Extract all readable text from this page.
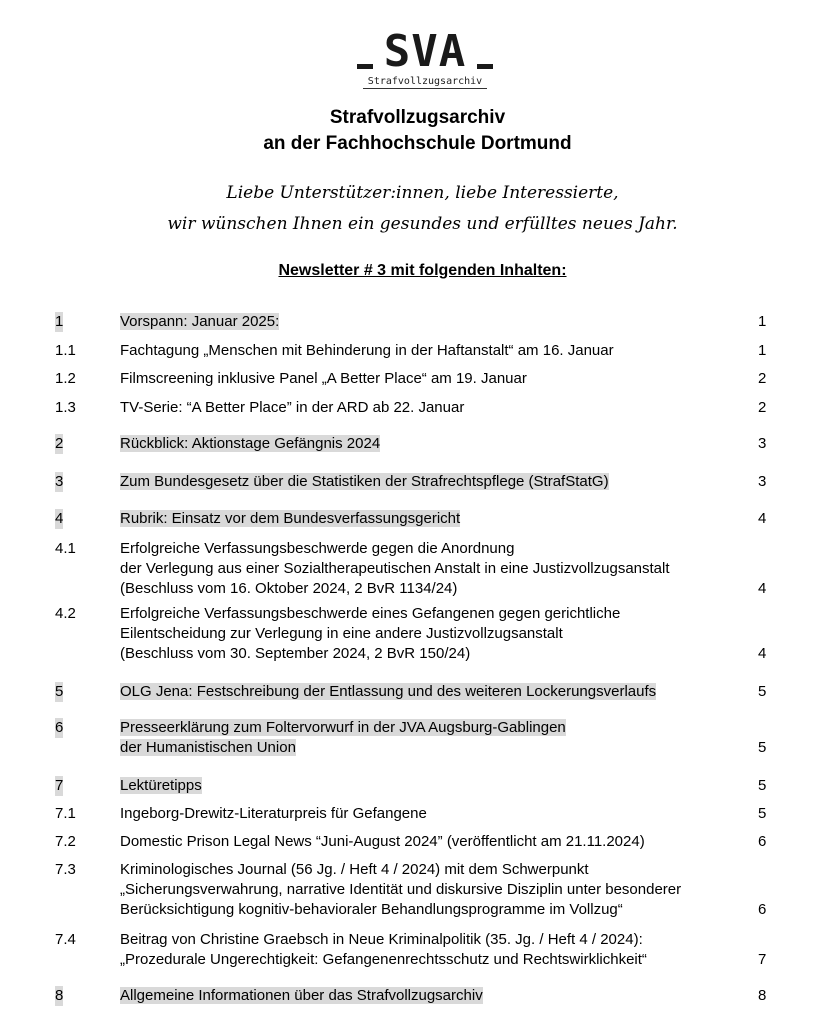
SVA
Strafvollzugsarchiv
Strafvollzugsarchiv
an der Fachhochschule Dortmund
Liebe Unterstützer:innen, liebe Interessierte,
wir wünschen Ihnen ein gesundes und erfülltes neues Jahr.
Newsletter # 3 mit folgenden Inhalten:
1	Vorspann: Januar 2025:	1
1.1	Fachtagung „Menschen mit Behinderung in der Haftanstalt“ am 16. Januar	1
1.2	Filmscreening inklusive Panel „A Better Place“ am 19. Januar	2
1.3	TV-Serie: “A Better Place” in der ARD ab 22. Januar	2
2	Rückblick: Aktionstage Gefängnis 2024	3
3	Zum Bundesgesetz über die Statistiken der Strafrechtspflege (StrafStatG)	3
4	Rubrik: Einsatz vor dem Bundesverfassungsgericht	4
4.1	Erfolgreiche Verfassungsbeschwerde gegen die Anordnung
der Verlegung aus einer Sozialtherapeutischen Anstalt in eine Justizvollzugsanstalt
(Beschluss vom 16. Oktober 2024, 2 BvR 1134/24)	4
4.2	Erfolgreiche Verfassungsbeschwerde eines Gefangenen gegen gerichtliche
Eilentscheidung zur Verlegung in eine andere Justizvollzugsanstalt
(Beschluss vom 30. September 2024, 2 BvR 150/24)	4
5	OLG Jena: Festschreibung der Entlassung und des weiteren Lockerungsverlaufs	5
6	Presseerklärung zum Foltervorwurf in der JVA Augsburg-Gablingen
der Humanistischen Union	5
7	Lektüretipps	5
7.1	Ingeborg-Drewitz-Literaturpreis für Gefangene	5
7.2	Domestic Prison Legal News “Juni-August 2024” (veröffentlicht am 21.11.2024)	6
7.3	Kriminologisches Journal (56 Jg. / Heft 4 / 2024) mit dem Schwerpunkt
„Sicherungsverwahrung, narrative Identität und diskursive Disziplin unter besonderer
Berücksichtigung kognitiv-behavioraler Behandlungsprogramme im Vollzug“	6
7.4	Beitrag von Christine Graebsch in Neue Kriminalpolitik (35. Jg. / Heft 4 / 2024):
„Prozedurale Ungerechtigkeit: Gefangenenrechtsschutz und Rechtswirklichkeit“	7
8	Allgemeine Informationen über das Strafvollzugsarchiv	8
